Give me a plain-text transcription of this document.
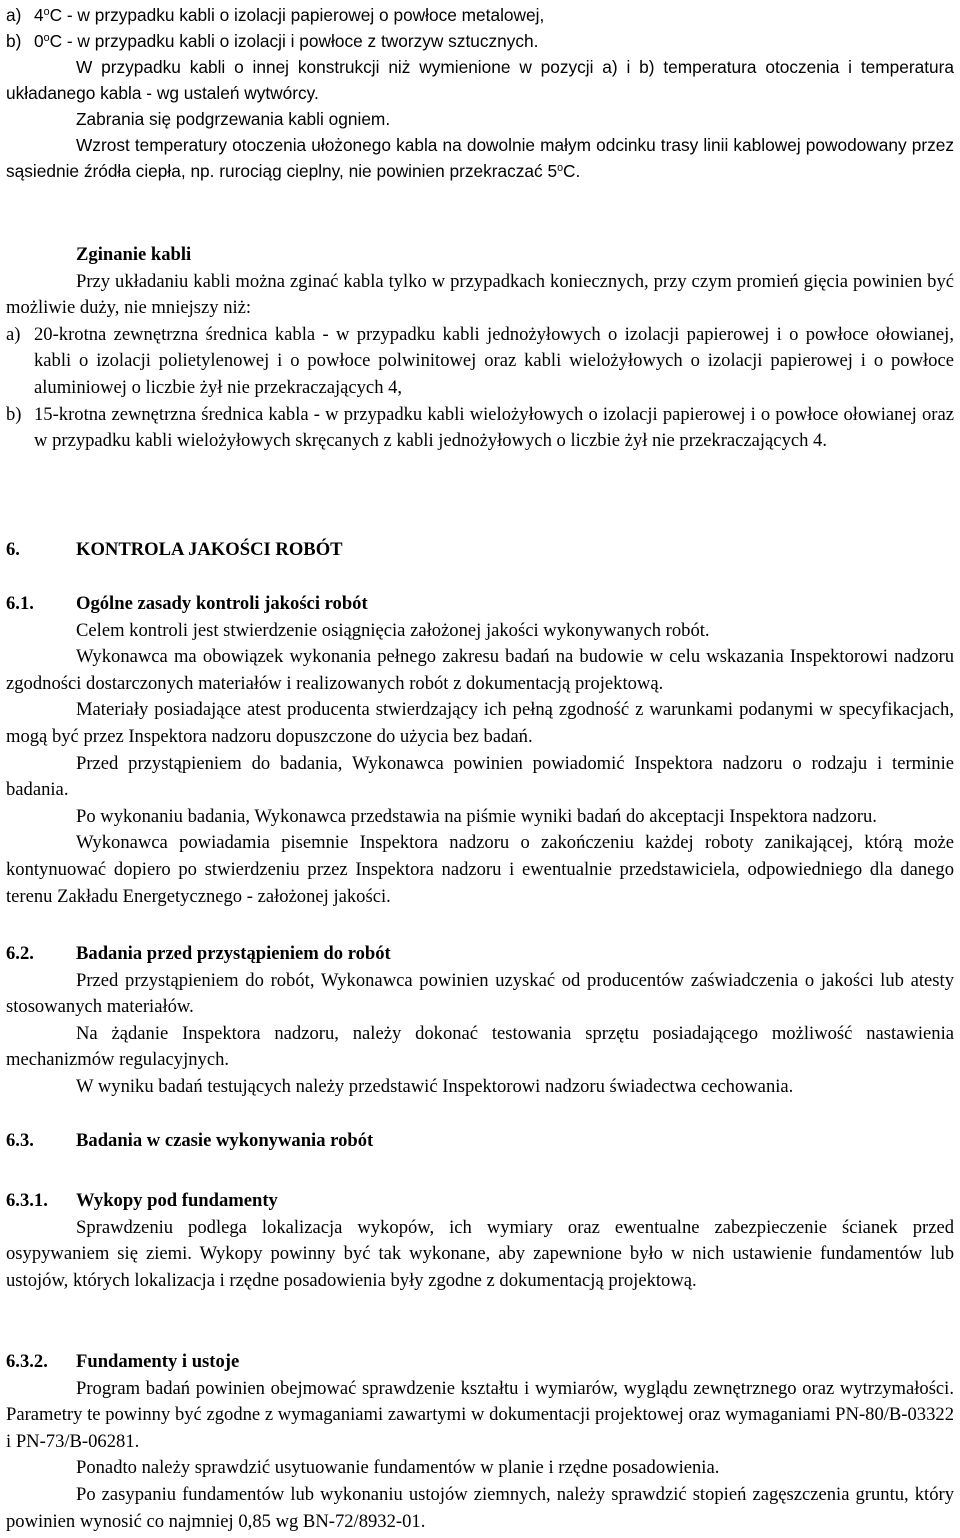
a) 4$^o$C - w przypadku kabli o izolacji papierowej o powłoce metalowej,
b) 0$^o$C - w przypadku kabli o izolacji i powłoce z tworzyw sztucznych.

W przypadku kabli o innej konstrukcji niż wymienione w pozycji a) i b) temperatura otoczenia i temperatura układanego kabla - wg ustaleń wytwórcy.

Zabrania się podgrzewania kabli ogniem.

Wzrost temperatury otoczenia ułożonego kabla na dowolnie małym odcinku trasy linii kablowej powodowany przez sąsiednie źródła ciepła, np. rurociąg cieplny, nie powinien przekraczać 5$^o$C.

Zginanie kabli

Przy układaniu kabli można zginać kabla tylko w przypadkach koniecznych, przy czym promień gięcia powinien być możliwie duży, nie mniejszy niż:

a) 20-krotna zewnętrzna średnica kabla - w przypadku kabli jednożyłowych o izolacji papierowej i o powłoce ołowianej, kabli o izolacji polietylenowej i o powłoce polwinitowej oraz kabli wielożyłowych o izolacji papierowej i o powłoce aluminiowej o liczbie żył nie przekraczających 4,
b) 15-krotna zewnętrzna średnica kabla - w przypadku kabli wielożyłowych o izolacji papierowej i o powłoce ołowianej oraz w przypadku kabli wielożyłowych skręcanych z kabli jednożyłowych o liczbie żył nie przekraczających 4.
6.	KONTROLA JAKOŚCI ROBÓT
6.1.	Ogólne zasady kontroli jakości robót

Celem kontroli jest stwierdzenie osiągnięcia założonej jakości wykonywanych robót.

Wykonawca ma obowiązek wykonania pełnego zakresu badań na budowie w celu wskazania Inspektorowi nadzoru zgodności dostarczonych materiałów i realizowanych robót z dokumentacją projektową.

Materiały posiadające atest producenta stwierdzający ich pełną zgodność z warunkami podanymi w specyfikacjach, mogą być przez Inspektora nadzoru dopuszczone do użycia bez badań.

Przed przystąpieniem do badania, Wykonawca powinien powiadomić Inspektora nadzoru o rodzaju i terminie badania.

Po wykonaniu badania, Wykonawca przedstawia na piśmie wyniki badań do akceptacji Inspektora nadzoru.

Wykonawca powiadamia pisemnie Inspektora nadzoru o zakończeniu każdej roboty zanikającej, którą może kontynuować dopiero po stwierdzeniu przez Inspektora nadzoru i ewentualnie przedstawiciela, odpowiedniego dla danego terenu Zakładu Energetycznego - założonej jakości.

6.2.	Badania przed przystąpieniem do robót

Przed przystąpieniem do robót, Wykonawca powinien uzyskać od producentów zaświadczenia o jakości lub atesty stosowanych materiałów.

Na żądanie Inspektora nadzoru, należy dokonać testowania sprzętu posiadającego możliwość nastawienia mechanizmów regulacyjnych.

W wyniku badań testujących należy przedstawić Inspektorowi nadzoru świadectwa cechowania.

6.3.	Badania w czasie wykonywania robót
6.3.1.	Wykopy pod fundamenty

Sprawdzeniu podlega lokalizacja wykopów, ich wymiary oraz ewentualne zabezpieczenie ścianek przed osypywaniem się ziemi. Wykopy powinny być tak wykonane, aby zapewnione było w nich ustawienie fundamentów lub ustojów, których lokalizacja i rzędne posadowienia były zgodne z dokumentacją projektową.

6.3.2.	Fundamenty i ustoje

Program badań powinien obejmować sprawdzenie kształtu i wymiarów, wyglądu zewnętrznego oraz wytrzymałości. Parametry te powinny być zgodne z wymaganiami zawartymi w dokumentacji projektowej oraz wymaganiami PN-80/B-03322 i PN-73/B-06281.

Ponadto należy sprawdzić usytuowanie fundamentów w planie i rzędne posadowienia.

Po zasypaniu fundamentów lub wykonaniu ustojów ziemnych, należy sprawdzić stopień zagęszczenia gruntu, który powinien wynosić co najmniej 0,85 wg BN-72/8932-01.
